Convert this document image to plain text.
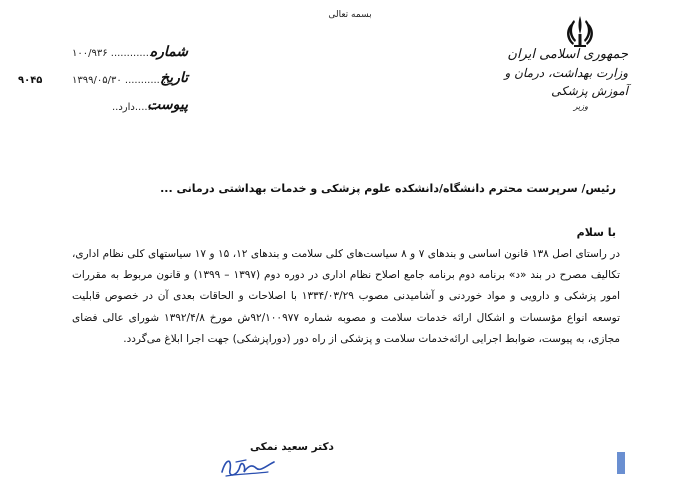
بسمه تعالی
جمهوری اسلامی ایران
وزارت بهداشت، درمان و آموزش پزشکی
وزیر
شماره
۱۰۰/۹۳۶ ..............
تاریخ
۱۳۹۹/۰۵/۳۰ ..............
پیوست
.......دارد..
۹۰۴۵
رئیس/ سرپرست محترم دانشگاه/دانشکده علوم پزشکی و خدمات بهداشتی درمانی ...
با سلام
در راستای اصل ۱۳۸ قانون اساسی و بندهای ۷ و ۸ سیاست‌های کلی سلامت و بندهای ۱۲، ۱۵ و ۱۷ سیاستهای کلی نظام اداری، تکالیف مصرح در بند «د» برنامه دوم برنامه جامع اصلاح نظام اداری در دوره دوم (۱۳۹۷ – ۱۳۹۹) و قانون مربوط به مقررات امور پزشکی و دارویی و مواد خوردنی و آشامیدنی مصوب ۱۳۳۴/۰۳/۲۹ با اصلاحات و الحاقات بعدی آن در خصوص قابلیت توسعه انواع مؤسسات و اشکال ارائه خدمات سلامت و مصوبه شماره ۹۲/۱۰۰۹۷۷ش مورخ ۱۳۹۲/۴/۸ شورای عالی فضای مجازی، به پیوست، ضوابط اجرایی ارائه‌خدمات سلامت و پزشکی از راه دور (دوراپزشکی) جهت اجرا ابلاغ می‌گردد.
دکتر سعید نمکی
